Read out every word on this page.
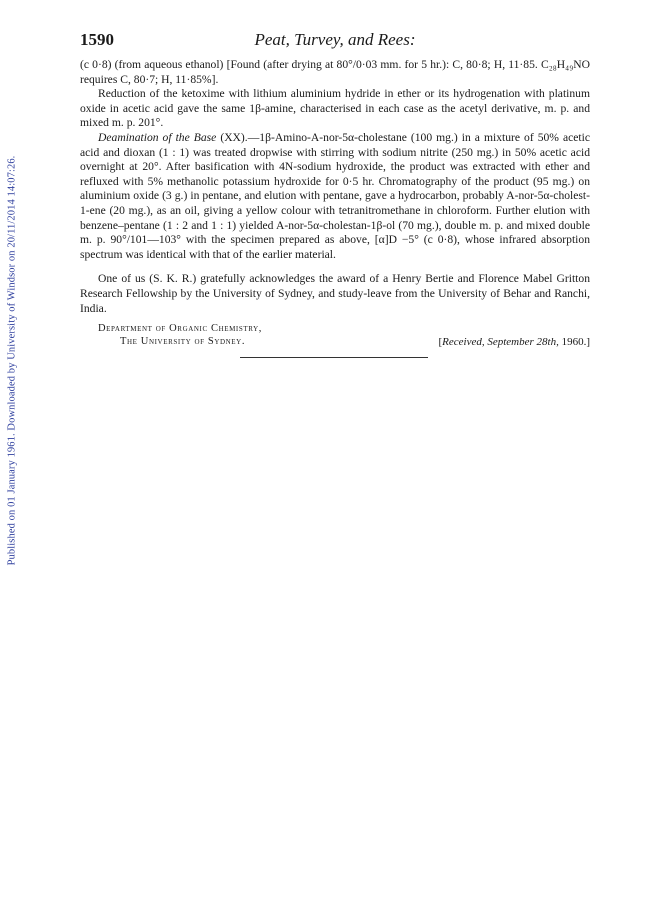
Published on 01 January 1961. Downloaded by University of Windsor on 20/11/2014 14:07:26.
1590	Peat, Turvey, and Rees:

(c 0·8) (from aqueous ethanol) [Found (after drying at 80°/0·03 mm. for 5 hr.): C, 80·8; H, 11·85. C₂₈H₄₉NO requires C, 80·7; H, 11·85%].

Reduction of the ketoxime with lithium aluminium hydride in ether or its hydrogenation with platinum oxide in acetic acid gave the same 1β-amine, characterised in each case as the acetyl derivative, m. p. and mixed m. p. 201°.

Deamination of the Base (XX).—1β-Amino-A-nor-5α-cholestane (100 mg.) in a mixture of 50% acetic acid and dioxan (1 : 1) was treated dropwise with stirring with sodium nitrite (250 mg.) in 50% acetic acid overnight at 20°. After basification with 4N-sodium hydroxide, the product was extracted with ether and refluxed with 5% methanolic potassium hydroxide for 0·5 hr. Chromatography of the product (95 mg.) on aluminium oxide (3 g.) in pentane, and elution with pentane, gave a hydrocarbon, probably A-nor-5α-cholest-1-ene (20 mg.), as an oil, giving a yellow colour with tetranitromethane in chloroform. Further elution with benzene–pentane (1 : 2 and 1 : 1) yielded A-nor-5α-cholestan-1β-ol (70 mg.), double m. p. and mixed double m. p. 90°/101—103° with the specimen prepared as above, [α]D −5° (c 0·8), whose infrared absorption spectrum was identical with that of the earlier material.

One of us (S. K. R.) gratefully acknowledges the award of a Henry Bertie and Florence Mabel Gritton Research Fellowship by the University of Sydney, and study-leave from the University of Behar and Ranchi, India.

Department of Organic Chemistry,
The University of Sydney.	[Received, September 28th, 1960.]
